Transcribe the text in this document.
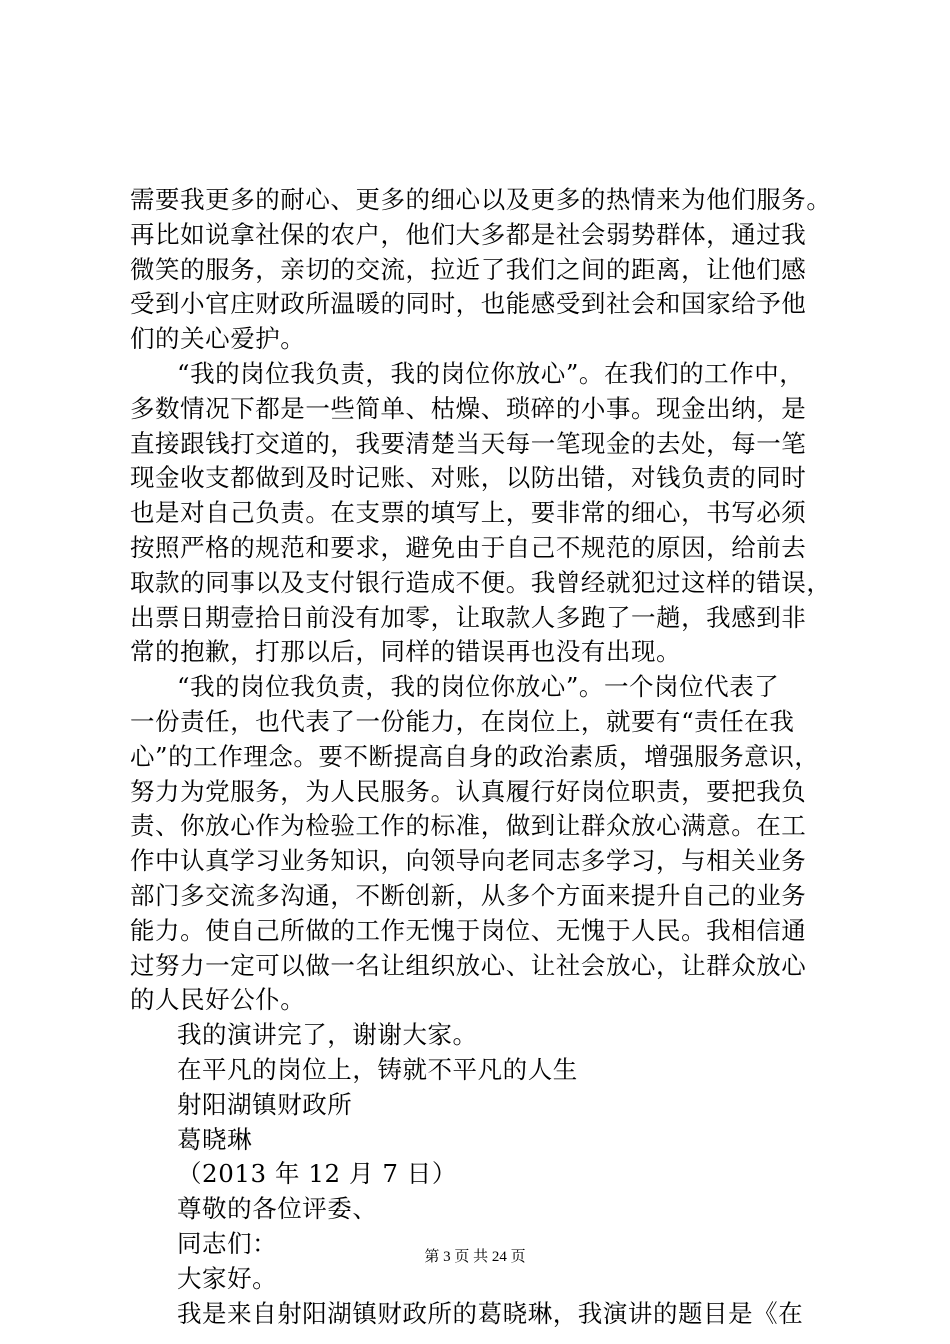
需要我更多的耐心、更多的细心以及更多的热情来为他们服务。
再比如说拿社保的农户，他们大多都是社会弱势群体，通过我
微笑的服务，亲切的交流，拉近了我们之间的距离，让他们感
受到小官庄财政所温暖的同时，也能感受到社会和国家给予他
们的关心爱护。
“我的岗位我负责，我的岗位你放心”。在我们的工作中，
多数情况下都是一些简单、枯燥、琐碎的小事。现金出纳，是
直接跟钱打交道的，我要清楚当天每一笔现金的去处，每一笔
现金收支都做到及时记账、对账，以防出错，对钱负责的同时
也是对自己负责。在支票的填写上，要非常的细心，书写必须
按照严格的规范和要求，避免由于自己不规范的原因，给前去
取款的同事以及支付银行造成不便。我曾经就犯过这样的错误，
出票日期壹拾日前没有加零，让取款人多跑了一趟，我感到非
常的抱歉，打那以后，同样的错误再也没有出现。
“我的岗位我负责，我的岗位你放心”。一个岗位代表了
一份责任，也代表了一份能力，在岗位上，就要有“责任在我
心”的工作理念。要不断提高自身的政治素质，增强服务意识，
努力为党服务，为人民服务。认真履行好岗位职责，要把我负
责、你放心作为检验工作的标准，做到让群众放心满意。在工
作中认真学习业务知识，向领导向老同志多学习，与相关业务
部门多交流多沟通，不断创新，从多个方面来提升自己的业务
能力。使自己所做的工作无愧于岗位、无愧于人民。我相信通
过努力一定可以做一名让组织放心、让社会放心，让群众放心
的人民好公仆。
我的演讲完了，谢谢大家。
在平凡的岗位上，铸就不平凡的人生
射阳湖镇财政所
葛晓琳
（2013 年 12 月 7 日）
尊敬的各位评委、
同志们：
大家好。
我是来自射阳湖镇财政所的葛晓琳，我演讲的题目是《在
第 3 页 共 24 页
